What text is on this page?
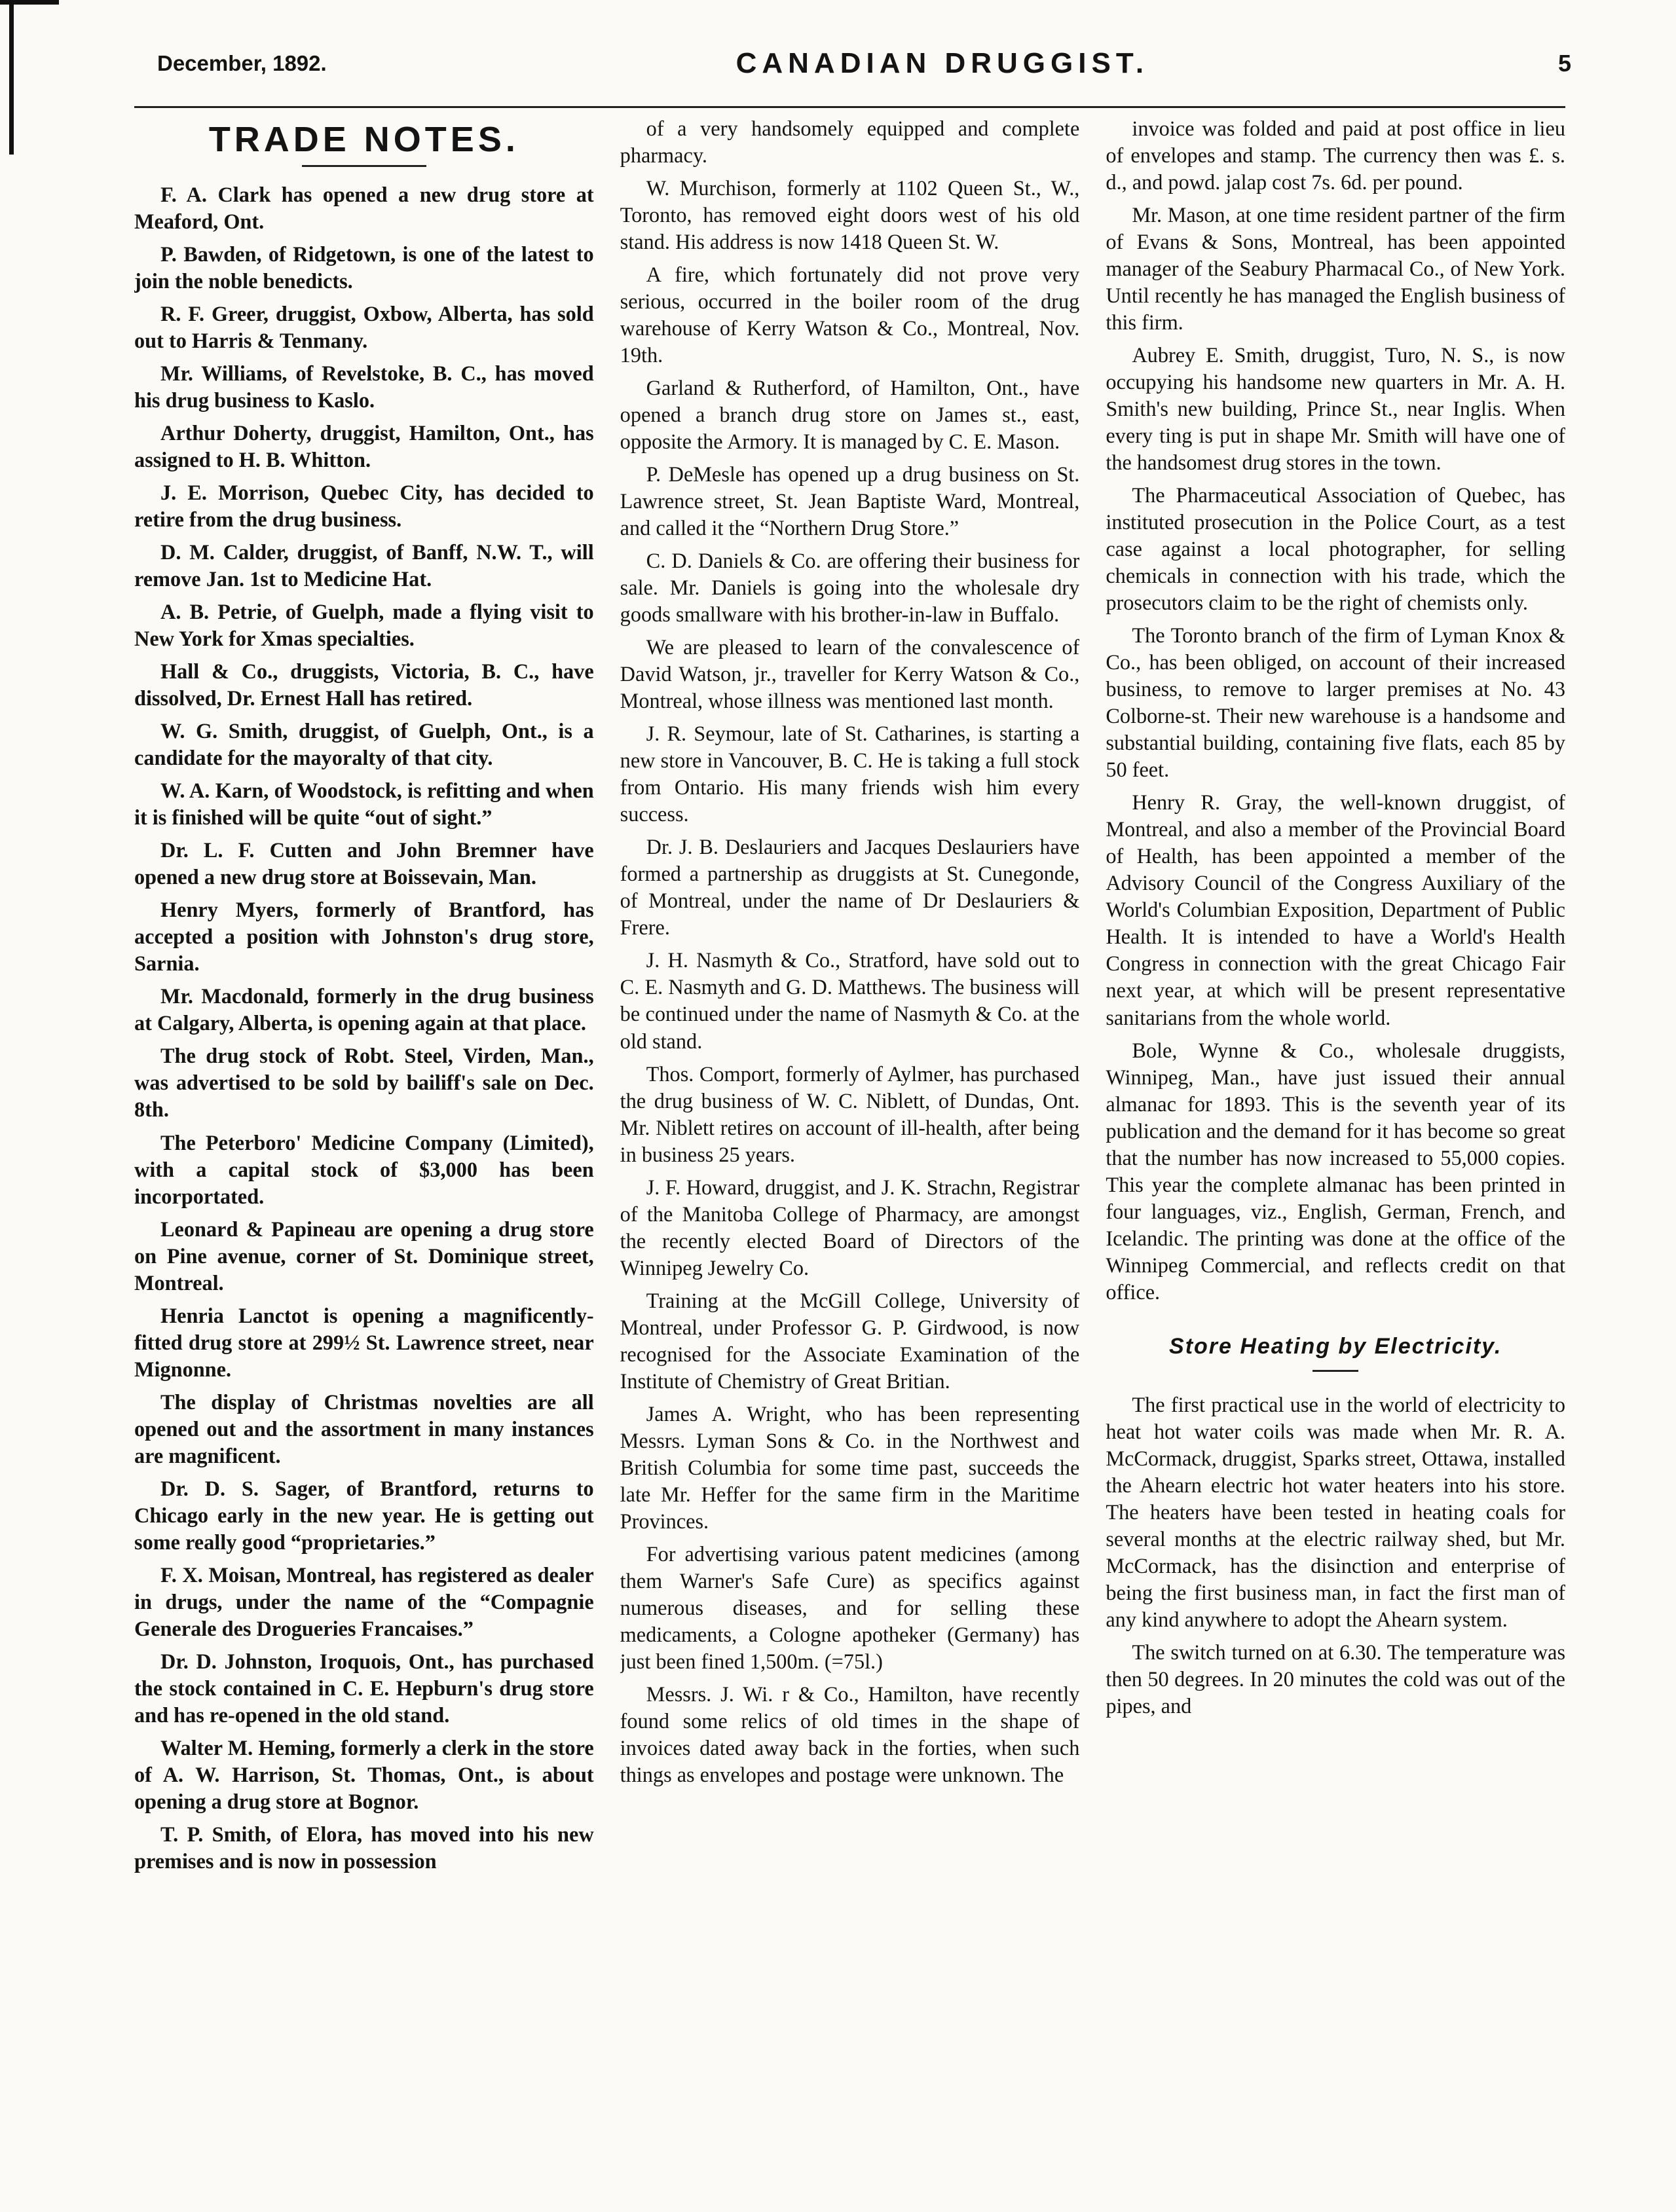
December, 1892.	CANADIAN DRUGGIST.	5
TRADE NOTES.

F. A. Clark has opened a new drug store at Meaford, Ont.

P. Bawden, of Ridgetown, is one of the latest to join the noble benedicts.

R. F. Greer, druggist, Oxbow, Alberta, has sold out to Harris & Tenmany.

Mr. Williams, of Revelstoke, B. C., has moved his drug business to Kaslo.

Arthur Doherty, druggist, Hamilton, Ont., has assigned to H. B. Whitton.

J. E. Morrison, Quebec City, has decided to retire from the drug business.

D. M. Calder, druggist, of Banff, N.W. T., will remove Jan. 1st to Medicine Hat.

A. B. Petrie, of Guelph, made a flying visit to New York for Xmas specialties.

Hall & Co., druggists, Victoria, B. C., have dissolved, Dr. Ernest Hall has retired.

W. G. Smith, druggist, of Guelph, Ont., is a candidate for the mayoralty of that city.

W. A. Karn, of Woodstock, is refitting and when it is finished will be quite “out of sight.”

Dr. L. F. Cutten and John Bremner have opened a new drug store at Boissevain, Man.

Henry Myers, formerly of Brantford, has accepted a position with Johnston's drug store, Sarnia.

Mr. Macdonald, formerly in the drug business at Calgary, Alberta, is opening again at that place.

The drug stock of Robt. Steel, Virden, Man., was advertised to be sold by bailiff's sale on Dec. 8th.

The Peterboro' Medicine Company (Limited), with a capital stock of $3,000 has been incorportated.

Leonard & Papineau are opening a drug store on Pine avenue, corner of St. Dominique street, Montreal.

Henria Lanctot is opening a magnificently-fitted drug store at 299½ St. Lawrence street, near Mignonne.

The display of Christmas novelties are all opened out and the assortment in many instances are magnificent.

Dr. D. S. Sager, of Brantford, returns to Chicago early in the new year. He is getting out some really good “proprietaries.”

F. X. Moisan, Montreal, has registered as dealer in drugs, under the name of the “Compagnie Generale des Drogueries Francaises.”

Dr. D. Johnston, Iroquois, Ont., has purchased the stock contained in C. E. Hepburn's drug store and has re-opened in the old stand.

Walter M. Heming, formerly a clerk in the store of A. W. Harrison, St. Thomas, Ont., is about opening a drug store at Bognor.

T. P. Smith, of Elora, has moved into his new premises and is now in possession

of a very handsomely equipped and complete pharmacy.

W. Murchison, formerly at 1102 Queen St., W., Toronto, has removed eight doors west of his old stand. His address is now 1418 Queen St. W.

A fire, which fortunately did not prove very serious, occurred in the boiler room of the drug warehouse of Kerry Watson & Co., Montreal, Nov. 19th.

Garland & Rutherford, of Hamilton, Ont., have opened a branch drug store on James st., east, opposite the Armory. It is managed by C. E. Mason.

P. DeMesle has opened up a drug business on St. Lawrence street, St. Jean Baptiste Ward, Montreal, and called it the “Northern Drug Store.”

C. D. Daniels & Co. are offering their business for sale. Mr. Daniels is going into the wholesale dry goods smallware with his brother-in-law in Buffalo.

We are pleased to learn of the convalescence of David Watson, jr., traveller for Kerry Watson & Co., Montreal, whose illness was mentioned last month.

J. R. Seymour, late of St. Catharines, is starting a new store in Vancouver, B. C. He is taking a full stock from Ontario. His many friends wish him every success.

Dr. J. B. Deslauriers and Jacques Deslauriers have formed a partnership as druggists at St. Cunegonde, of Montreal, under the name of Dr Deslauriers & Frere.

J. H. Nasmyth & Co., Stratford, have sold out to C. E. Nasmyth and G. D. Matthews. The business will be continued under the name of Nasmyth & Co. at the old stand.

Thos. Comport, formerly of Aylmer, has purchased the drug business of W. C. Niblett, of Dundas, Ont. Mr. Niblett retires on account of ill-health, after being in business 25 years.

J. F. Howard, druggist, and J. K. Strachn, Registrar of the Manitoba College of Pharmacy, are amongst the recently elected Board of Directors of the Winnipeg Jewelry Co.

Training at the McGill College, University of Montreal, under Professor G. P. Girdwood, is now recognised for the Associate Examination of the Institute of Chemistry of Great Britian.

James A. Wright, who has been representing Messrs. Lyman Sons & Co. in the Northwest and British Columbia for some time past, succeeds the late Mr. Heffer for the same firm in the Maritime Provinces.

For advertising various patent medicines (among them Warner's Safe Cure) as specifics against numerous diseases, and for selling these medicaments, a Cologne apotheker (Germany) has just been fined 1,500m. (=75l.)

Messrs. J. Wi. r & Co., Hamilton, have recently found some relics of old times in the shape of invoices dated away back in the forties, when such things as envelopes and postage were unknown. The

invoice was folded and paid at post office in lieu of envelopes and stamp. The currency then was £. s. d., and powd. jalap cost 7s. 6d. per pound.

Mr. Mason, at one time resident partner of the firm of Evans & Sons, Montreal, has been appointed manager of the Seabury Pharmacal Co., of New York. Until recently he has managed the English business of this firm.

Aubrey E. Smith, druggist, Turo, N. S., is now occupying his handsome new quarters in Mr. A. H. Smith's new building, Prince St., near Inglis. When every ting is put in shape Mr. Smith will have one of the handsomest drug stores in the town.

The Pharmaceutical Association of Quebec, has instituted prosecution in the Police Court, as a test case against a local photographer, for selling chemicals in connection with his trade, which the prosecutors claim to be the right of chemists only.

The Toronto branch of the firm of Lyman Knox & Co., has been obliged, on account of their increased business, to remove to larger premises at No. 43 Colborne-st. Their new warehouse is a handsome and substantial building, containing five flats, each 85 by 50 feet.

Henry R. Gray, the well-known druggist, of Montreal, and also a member of the Provincial Board of Health, has been appointed a member of the Advisory Council of the Congress Auxiliary of the World's Columbian Exposition, Department of Public Health. It is intended to have a World's Health Congress in connection with the great Chicago Fair next year, at which will be present representative sanitarians from the whole world.

Bole, Wynne & Co., wholesale druggists, Winnipeg, Man., have just issued their annual almanac for 1893. This is the seventh year of its publication and the demand for it has become so great that the number has now increased to 55,000 copies. This year the complete almanac has been printed in four languages, viz., English, German, French, and Icelandic. The printing was done at the office of the Winnipeg Commercial, and reflects credit on that office.

Store Heating by Electricity.

The first practical use in the world of electricity to heat hot water coils was made when Mr. R. A. McCormack, druggist, Sparks street, Ottawa, installed the Ahearn electric hot water heaters into his store. The heaters have been tested in heating coals for several months at the electric railway shed, but Mr. McCormack, has the disinction and enterprise of being the first business man, in fact the first man of any kind anywhere to adopt the Ahearn system.

The switch turned on at 6.30. The temperature was then 50 degrees. In 20 minutes the cold was out of the pipes, and
